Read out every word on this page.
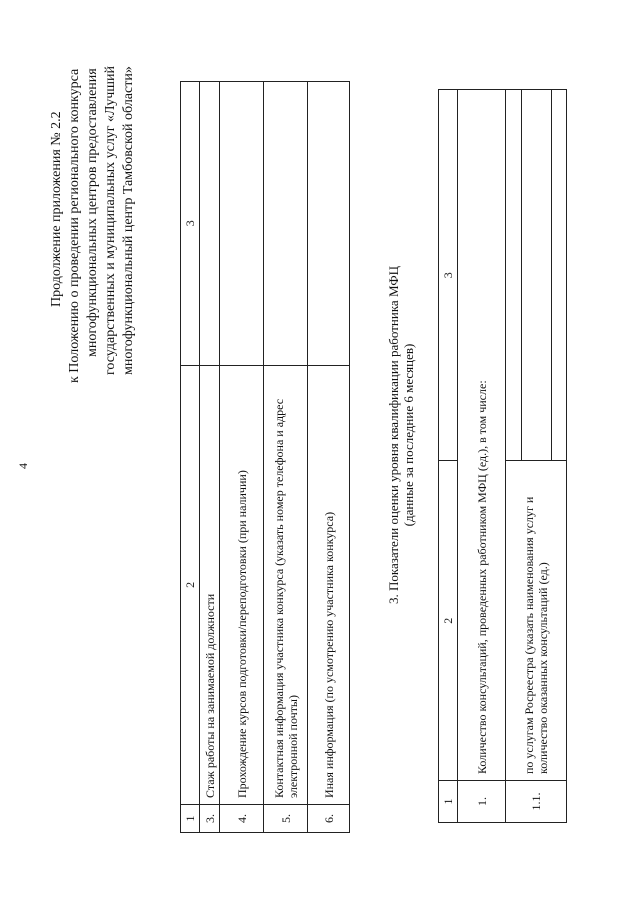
4
Продолжение приложения № 2.2 к Положению о проведении регионального конкурса многофункциональных центров предоставления государственных и муниципальных услуг «Лучший многофункциональный центр Тамбовской области»
1	2	3
3.	Стаж работы на занимаемой должности	
4.	Прохождение курсов подготовки/переподготовки (при наличии)	
5.	Контактная информация участника конкурса (указать номер телефона и адрес электронной почты)	
6.	Иная информация (по усмотрению участника конкурса)	
3. Показатели оценки уровня квалификации работника МФЦ (данные за последние 6 месяцев)
1	2	3
1.	Количество консультаций, проведенных работником МФЦ (ед.), в том числе:
1.1.	по услугам Росреестра (указать наименования услуг и количество оказанных консультаций (ед.)	
